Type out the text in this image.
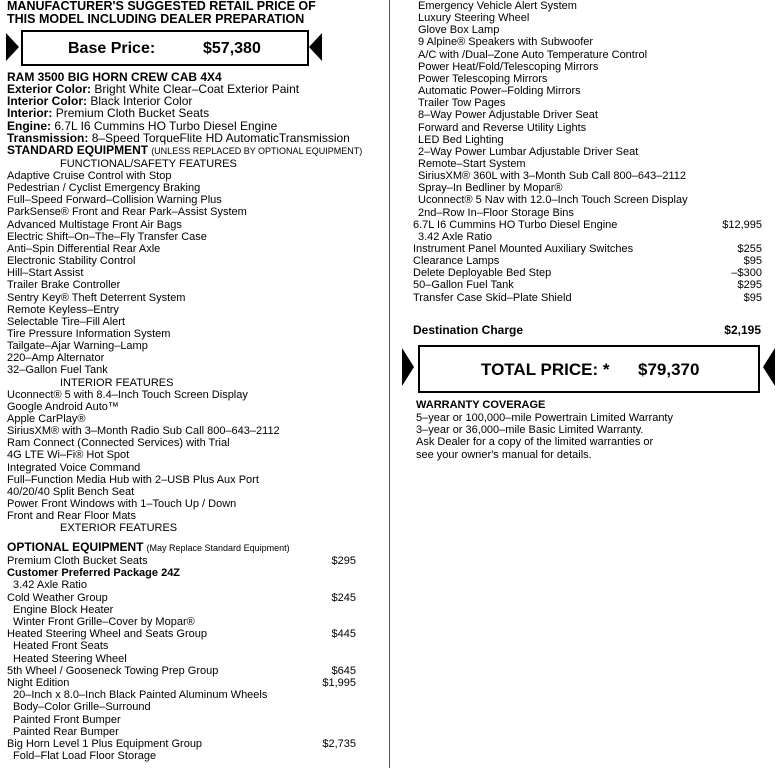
MANUFACTURER'S SUGGESTED RETAIL PRICE OF
THIS MODEL INCLUDING DEALER PREPARATION
Base Price:	$57,380
RAM 3500 BIG HORN CREW CAB 4X4
STANDARD EQUIPMENT (UNLESS REPLACED BY OPTIONAL EQUIPMENT)
FUNCTIONAL/SAFETY FEATURES
OPTIONAL EQUIPMENT (May Replace Standard Equipment)
Destination Charge	$2,195
TOTAL PRICE: * $79,370
WARRANTY COVERAGE
Exterior Color: Bright White Clear–Coat Exterior Paint
Interior Color: Black Interior Color
Interior: Premium Cloth Bucket Seats
Engine: 6.7L I6 Cummins HO Turbo Diesel Engine
Transmission: 8–Speed TorqueFlite HD AutomaticTransmission
Adaptive Cruise Control with Stop
Pedestrian / Cyclist Emergency Braking
Full–Speed Forward–Collision Warning Plus
ParkSense® Front and Rear Park–Assist System
Advanced Multistage Front Air Bags
Electric Shift–On–The–Fly Transfer Case
Anti–Spin Differential Rear Axle
Electronic Stability Control
Hill–Start Assist
Trailer Brake Controller
Sentry Key® Theft Deterrent System
Remote Keyless–Entry
Selectable Tire–Fill Alert
Tire Pressure Information System
Tailgate–Ajar Warning–Lamp
220–Amp Alternator
32–Gallon Fuel Tank
INTERIOR FEATURES
Uconnect® 5 with 8.4–Inch Touch Screen Display
Google Android Auto™
Apple CarPlay®
SiriusXM® with 3–Month Radio Sub Call 800–643–2112
Ram Connect (Connected Services) with Trial
4G LTE Wi–Fi® Hot Spot
Integrated Voice Command
Full–Function Media Hub with 2–USB Plus Aux Port
40/20/40 Split Bench Seat
Power Front Windows with 1–Touch Up / Down
Front and Rear Floor Mats
EXTERIOR FEATURES
Premium Cloth Bucket Seats	$295
Customer Preferred Package 24Z
3.42 Axle Ratio
Cold Weather Group	$245
Engine Block Heater
Winter Front Grille–Cover by Mopar®
Heated Steering Wheel and Seats Group	$445
Heated Front Seats
Heated Steering Wheel
5th Wheel / Gooseneck Towing Prep Group	$645
Night Edition	$1,995
20–Inch x 8.0–Inch Black Painted Aluminum Wheels
Body–Color Grille–Surround
Painted Front Bumper
Painted Rear Bumper
Big Horn Level 1 Plus Equipment Group	$2,735
Fold–Flat Load Floor Storage
Emergency Vehicle Alert System
Luxury Steering Wheel
Glove Box Lamp
9 Alpine® Speakers with Subwoofer
A/C with /Dual–Zone Auto Temperature Control
Power Heat/Fold/Telescoping Mirrors
Power Telescoping Mirrors
Automatic Power–Folding Mirrors
Trailer Tow Pages
8–Way Power Adjustable Driver Seat
Forward and Reverse Utility Lights
LED Bed Lighting
2–Way Power Lumbar Adjustable Driver Seat
Remote–Start System
SiriusXM® 360L with 3–Month Sub Call 800–643–2112
Spray–In Bedliner by Mopar®
Uconnect® 5 Nav with 12.0–Inch Touch Screen Display
2nd–Row In–Floor Storage Bins
6.7L I6 Cummins HO Turbo Diesel Engine	$12,995
3.42 Axle Ratio
Instrument Panel Mounted Auxiliary Switches	$255
Clearance Lamps	$95
Delete Deployable Bed Step	–$300
50–Gallon Fuel Tank	$295
Transfer Case Skid–Plate Shield	$95
5–year or 100,000–mile Powertrain Limited Warranty
3–year or 36,000–mile Basic Limited Warranty.
Ask Dealer for a copy of the limited warranties or
see your owner's manual for details.
